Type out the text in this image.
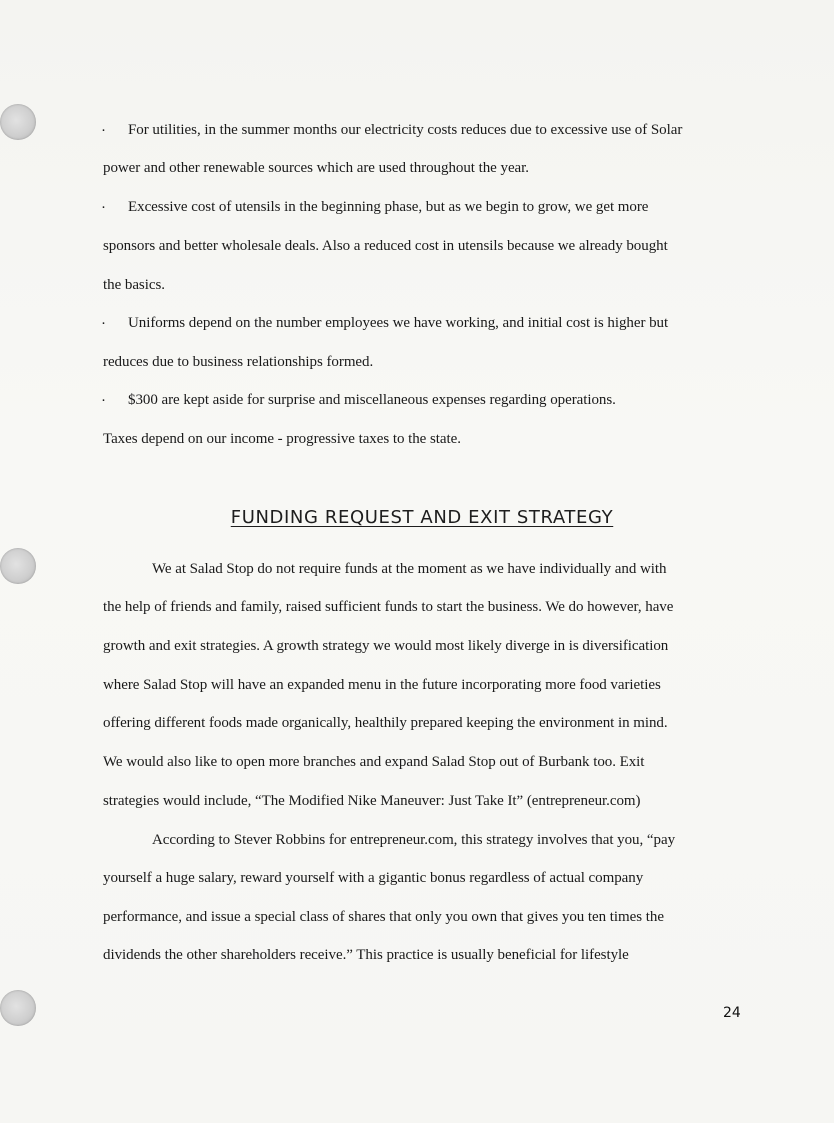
· For utilities, in the summer months our electricity costs reduces due to excessive use of Solar
power and other renewable sources which are used throughout the year.
· Excessive cost of utensils in the beginning phase, but as we begin to grow, we get more
sponsors and better wholesale deals. Also a reduced cost in utensils because we already bought
the basics.
· Uniforms depend on the number employees we have working, and initial cost is higher but
reduces due to business relationships formed.
· $300 are kept aside for surprise and miscellaneous expenses regarding operations.
Taxes depend on our income - progressive taxes to the state.
FUNDING REQUEST AND EXIT STRATEGY
We at Salad Stop do not require funds at the moment as we have individually and with
the help of friends and family, raised sufficient funds to start the business. We do however, have
growth and exit strategies. A growth strategy we would most likely diverge in is diversification
where Salad Stop will have an expanded menu in the future incorporating more food varieties
offering different foods made organically, healthily prepared keeping the environment in mind.
We would also like to open more branches and expand Salad Stop out of Burbank too. Exit
strategies would include, “The Modified Nike Maneuver: Just Take It” (entrepreneur.com)
According to Stever Robbins for entrepreneur.com, this strategy involves that you, “pay
yourself a huge salary, reward yourself with a gigantic bonus regardless of actual company
performance, and issue a special class of shares that only you own that gives you ten times the
dividends the other shareholders receive.” This practice is usually beneficial for lifestyle
24
